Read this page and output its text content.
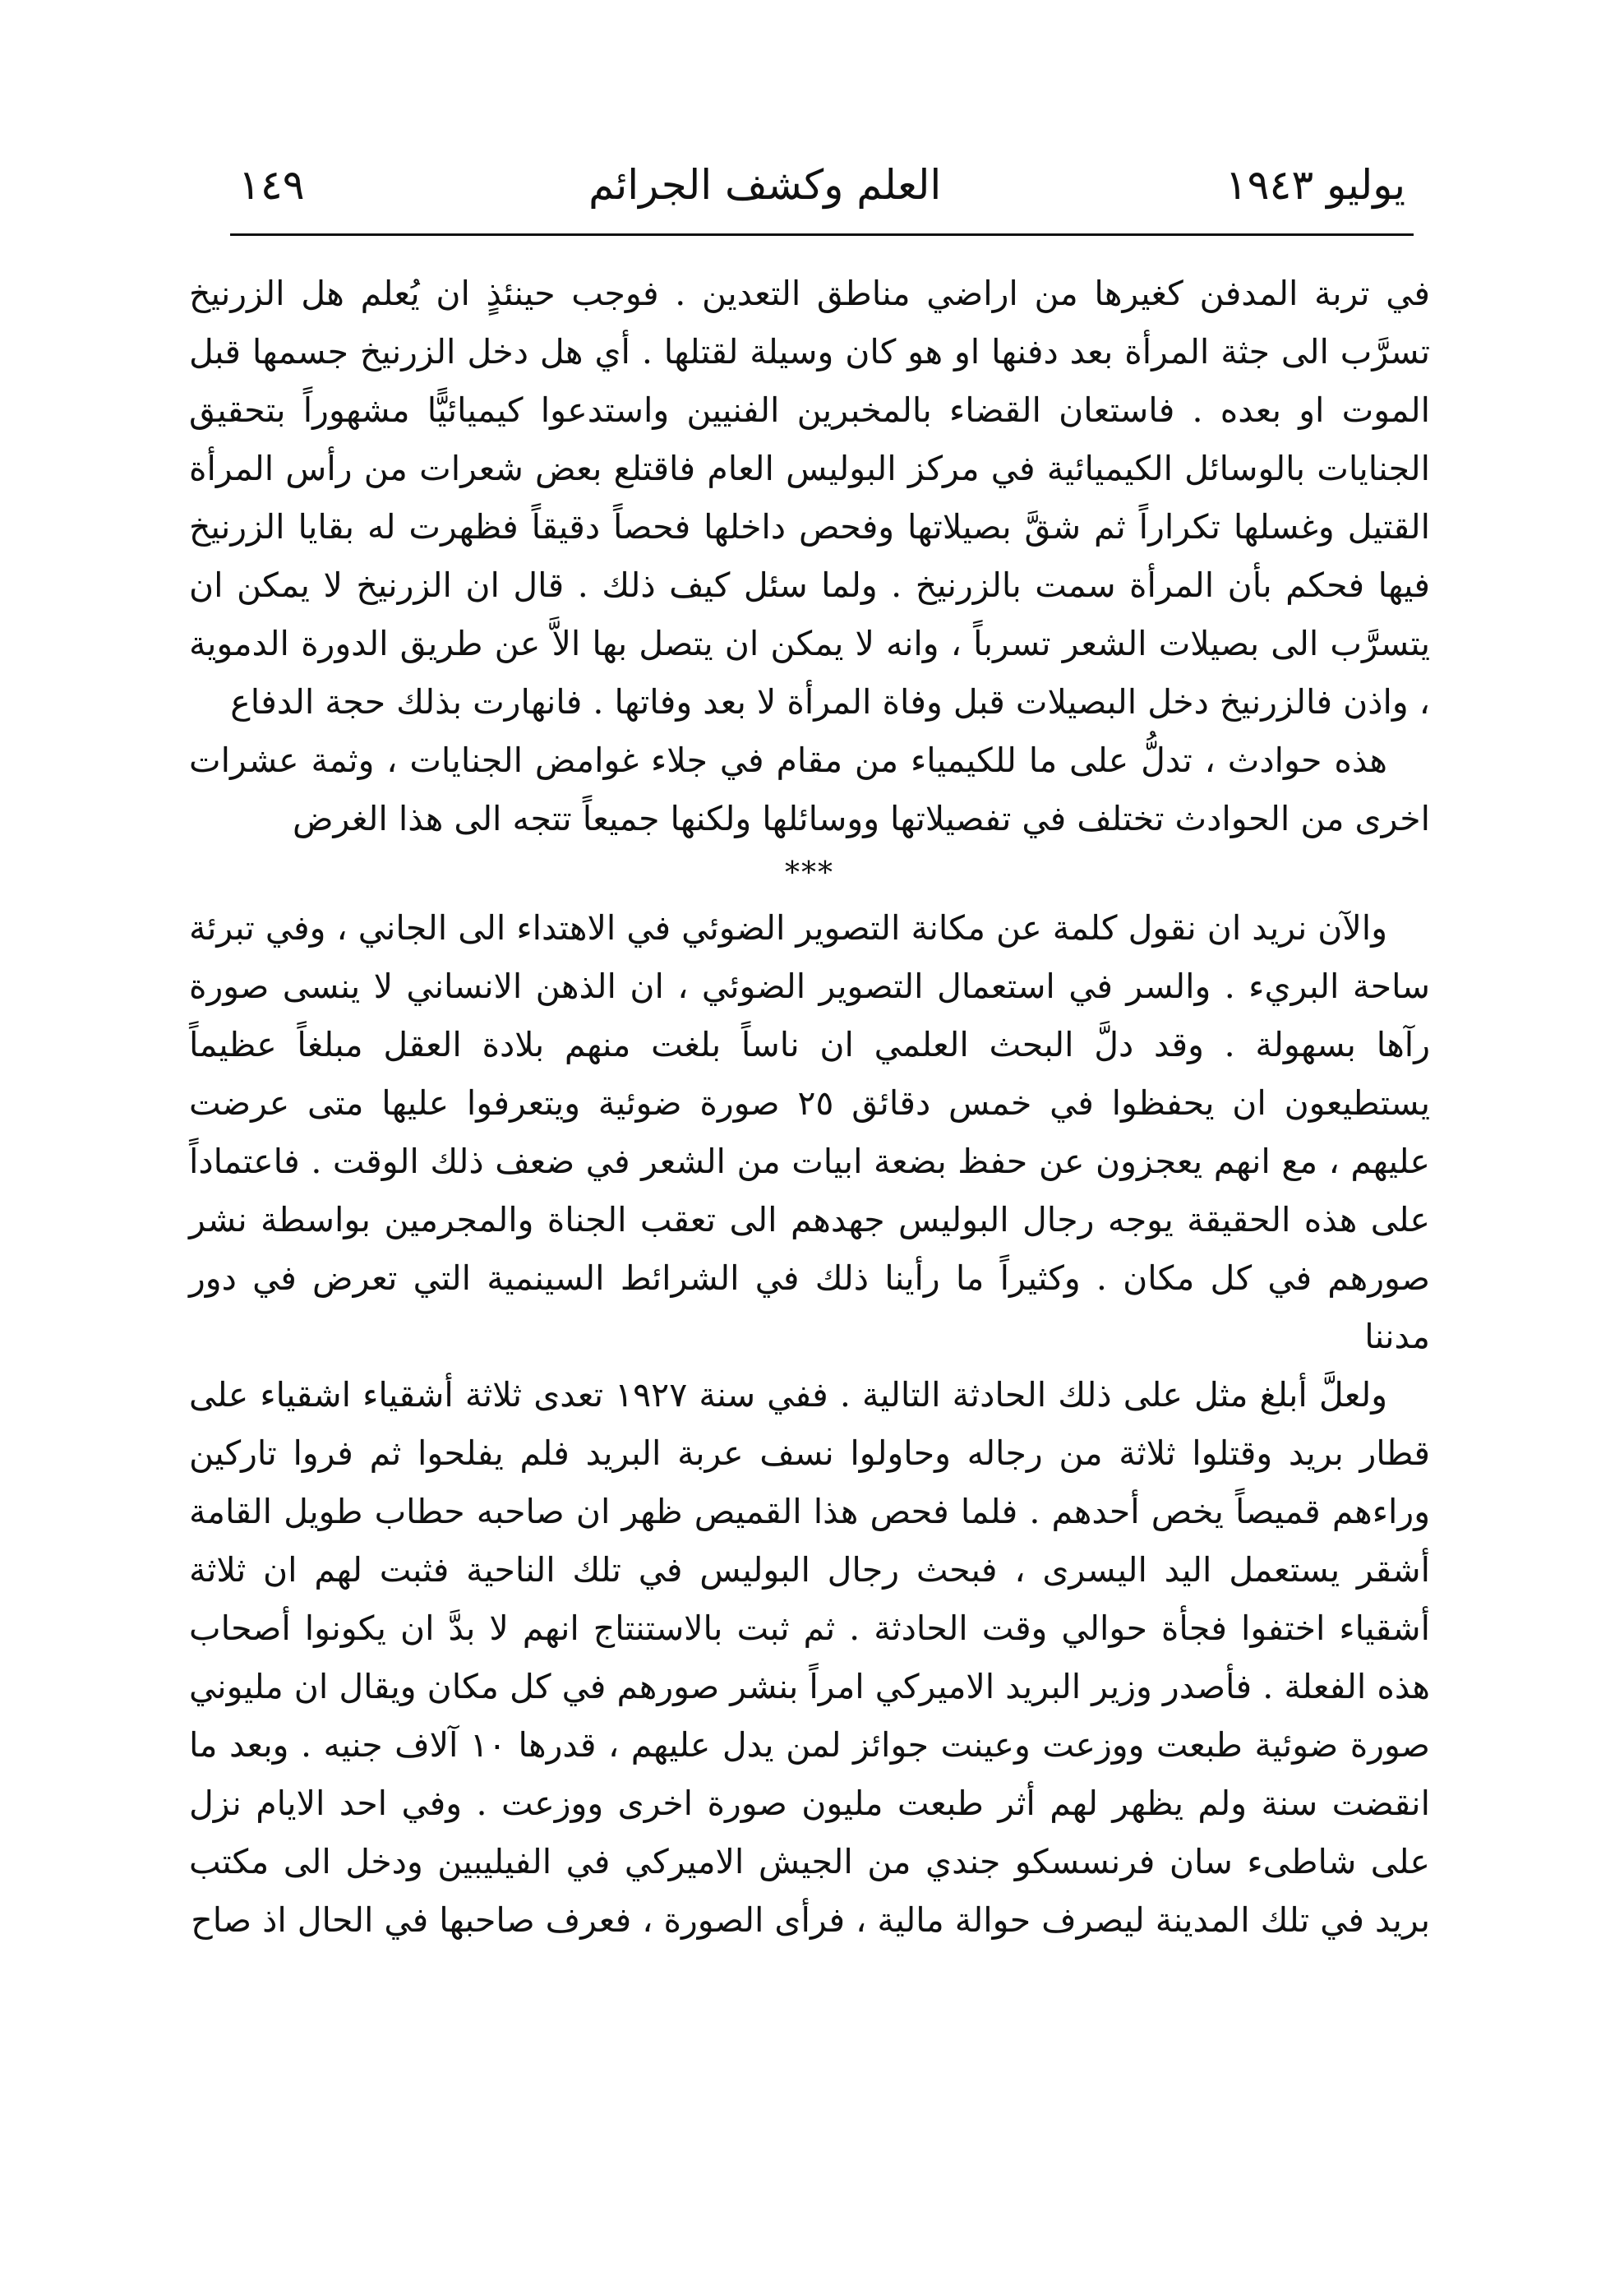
يوليو ١٩٤٣
العلم وكشف الجرائم
١٤٩

في تربة المدفن كغيرها من اراضي مناطق التعدين . فوجب حينئذٍ ان يُعلم هل الزرنيخ تسرَّب الى جثة المرأة بعد دفنها او هو كان وسيلة لقتلها . أي هل دخل الزرنيخ جسمها قبل الموت او بعده . فاستعان القضاء بالمخبرين الفنيين واستدعوا كيميائيًّا مشهوراً بتحقيق الجنايات بالوسائل الكيميائية في مركز البوليس العام فاقتلع بعض شعرات من رأس المرأة القتيل وغسلها تكراراً ثم شقَّ بصيلاتها وفحص داخلها فحصاً دقيقاً فظهرت له بقايا الزرنيخ فيها فحكم بأن المرأة سمت بالزرنيخ . ولما سئل كيف ذلك . قال ان الزرنيخ لا يمكن ان يتسرَّب الى بصيلات الشعر تسرباً ، وانه لا يمكن ان يتصل بها الاَّ عن طريق الدورة الدموية ، واذن فالزرنيخ دخل البصيلات قبل وفاة المرأة لا بعد وفاتها . فانهارت بذلك حجة الدفاع

هذه حوادث ، تدلُّ على ما للكيمياء من مقام في جلاء غوامض الجنايات ، وثمة عشرات اخرى من الحوادث تختلف في تفصيلاتها ووسائلها ولكنها جميعاً تتجه الى هذا الغرض

***

والآن نريد ان نقول كلمة عن مكانة التصوير الضوئي في الاهتداء الى الجاني ، وفي تبرئة ساحة البريء . والسر في استعمال التصوير الضوئي ، ان الذهن الانساني لا ينسى صورة رآها بسهولة . وقد دلَّ البحث العلمي ان ناساً بلغت منهم بلادة العقل مبلغاً عظيماً يستطيعون ان يحفظوا في خمس دقائق ٢٥ صورة ضوئية ويتعرفوا عليها متى عرضت عليهم ، مع انهم يعجزون عن حفظ بضعة ابيات من الشعر في ضعف ذلك الوقت . فاعتماداً على هذه الحقيقة يوجه رجال البوليس جهدهم الى تعقب الجناة والمجرمين بواسطة نشر صورهم في كل مكان . وكثيراً ما رأينا ذلك في الشرائط السينمية التي تعرض في دور مدننا

ولعلَّ أبلغ مثل على ذلك الحادثة التالية . ففي سنة ١٩٢٧ تعدى ثلاثة أشقياء اشقياء على قطار بريد وقتلوا ثلاثة من رجاله وحاولوا نسف عربة البريد فلم يفلحوا ثم فروا تاركين وراءهم قميصاً يخص أحدهم . فلما فحص هذا القميص ظهر ان صاحبه حطاب طويل القامة أشقر يستعمل اليد اليسرى ، فبحث رجال البوليس في تلك الناحية فثبت لهم ان ثلاثة أشقياء اختفوا فجأة حوالي وقت الحادثة . ثم ثبت بالاستنتاج انهم لا بدَّ ان يكونوا أصحاب هذه الفعلة . فأصدر وزير البريد الاميركي امراً بنشر صورهم في كل مكان ويقال ان مليوني صورة ضوئية طبعت ووزعت وعينت جوائز لمن يدل عليهم ، قدرها ١٠ آلاف جنيه . وبعد ما انقضت سنة ولم يظهر لهم أثر طبعت مليون صورة اخرى ووزعت . وفي احد الايام نزل على شاطىء سان فرنسسكو جندي من الجيش الاميركي في الفيليبين ودخل الى مكتب بريد في تلك المدينة ليصرف حوالة مالية ، فرأى الصورة ، فعرف صاحبها في الحال اذ صاح
